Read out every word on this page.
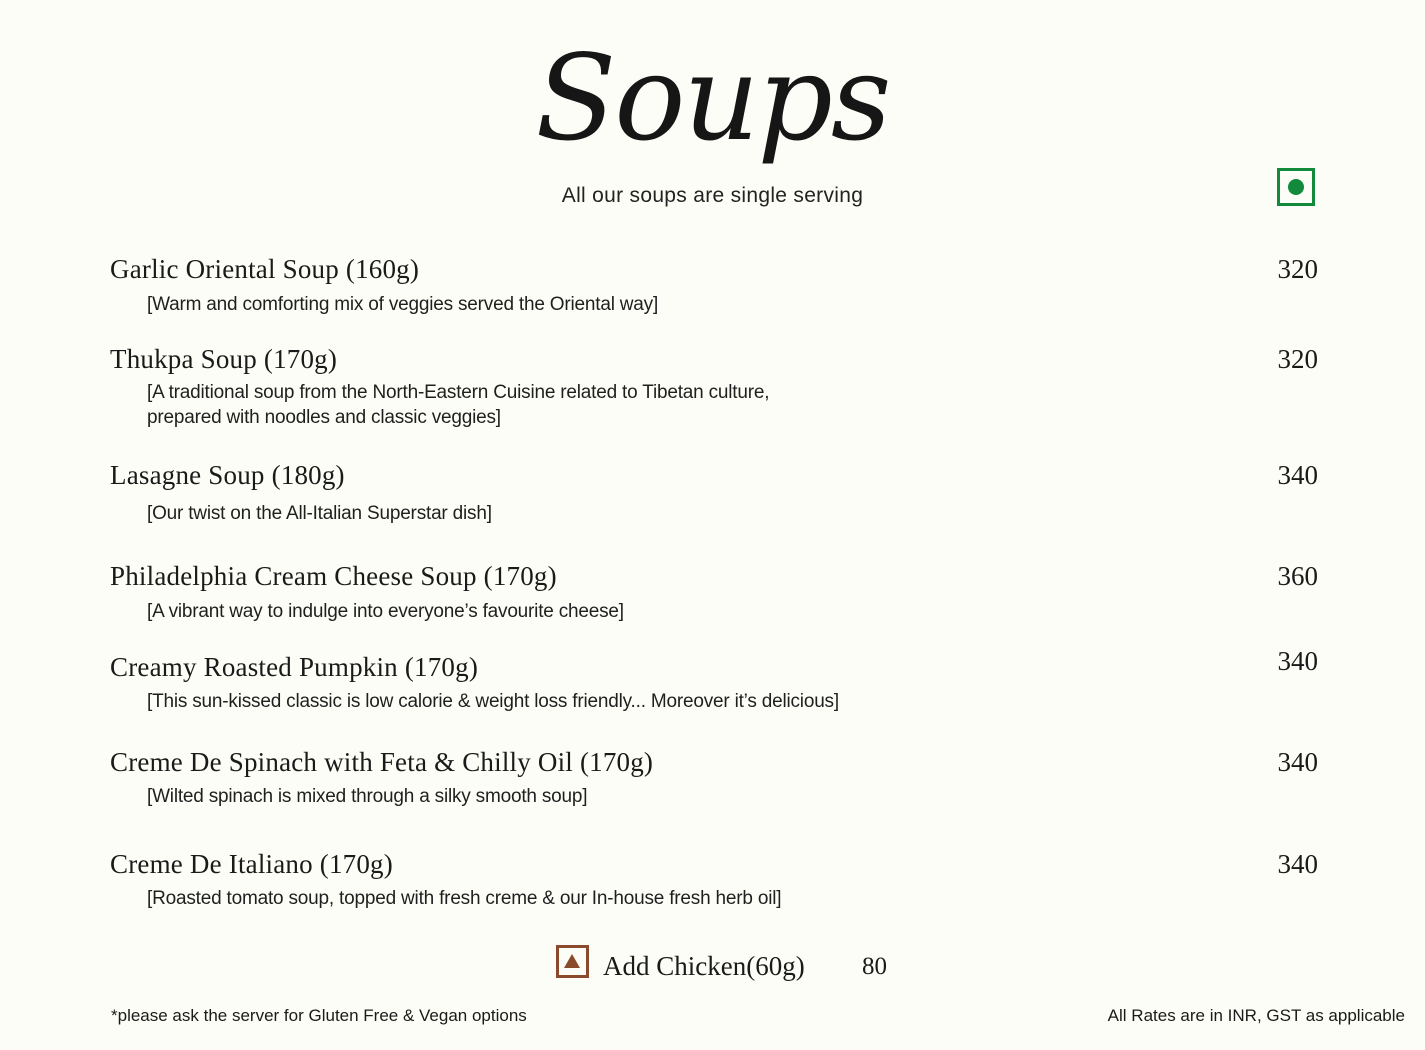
Soups
All our soups are single serving
Garlic Oriental Soup (160g)	320
[Warm and comforting mix of veggies served the Oriental way]
Thukpa Soup (170g)	320
[A traditional soup from the North-Eastern Cuisine related to Tibetan culture, prepared with noodles and classic veggies]
Lasagne Soup (180g)	340
[Our twist on the All-Italian Superstar dish]
Philadelphia Cream Cheese Soup (170g)	360
[A vibrant way to indulge into everyone’s favourite cheese]
Creamy Roasted Pumpkin (170g)	340
[This sun-kissed classic is low calorie & weight loss friendly... Moreover it’s delicious]
Creme De Spinach with Feta & Chilly Oil (170g)	340
[Wilted spinach is mixed through a silky smooth soup]
Creme De Italiano (170g)	340
[Roasted tomato soup, topped with fresh creme & our In-house fresh herb oil]
Add Chicken(60g) 80
*please ask the server for Gluten Free & Vegan options	All Rates are in INR, GST as applicable
